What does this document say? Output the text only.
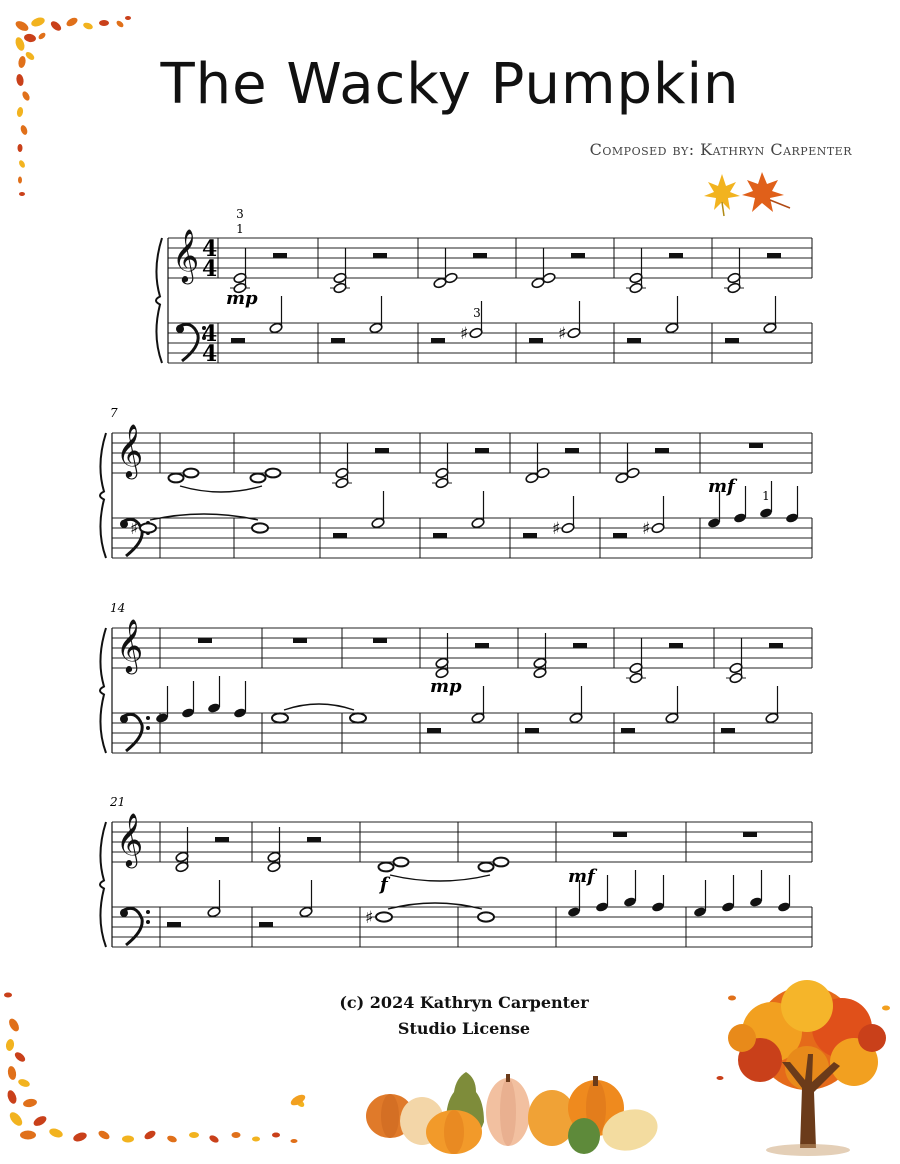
The Wacky Pumpkin
Composed by: Kathryn Carpenter
𝄞 4
4
4
4
♯	♯
3
1
3
mp
𝄞
7
♯	♯	♯
mf 1
𝄞
14
mp
𝄞
21
♯
f	mf
(c) 2024 Kathryn Carpenter
Studio License
